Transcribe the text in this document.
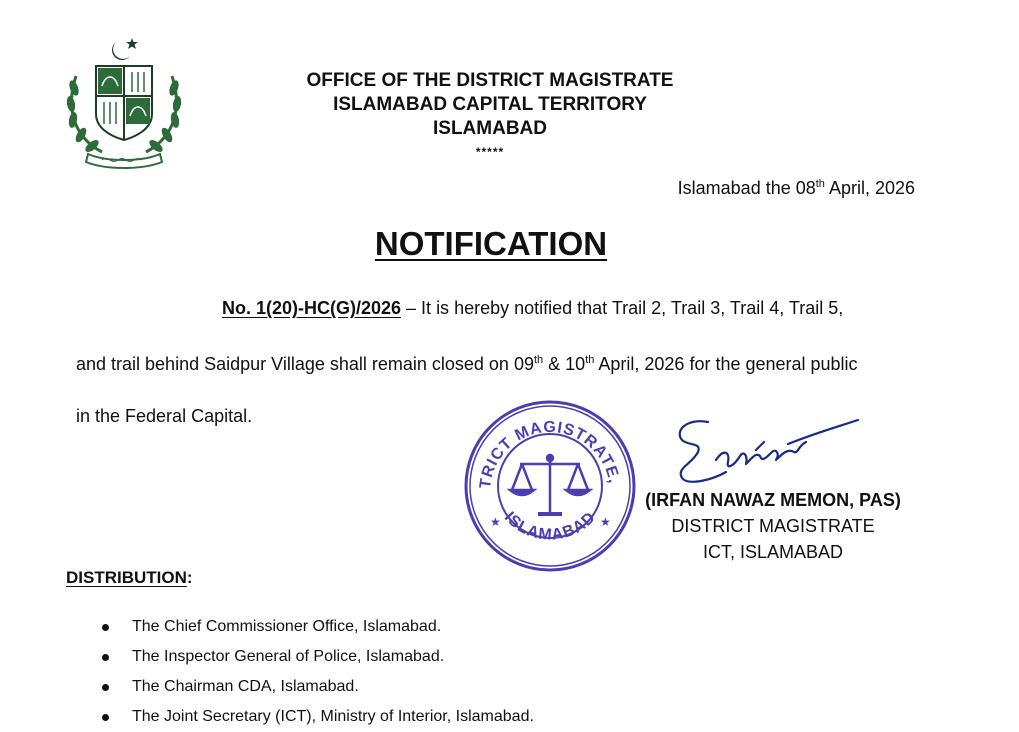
OFFICE OF THE DISTRICT MAGISTRATE
ISLAMABAD CAPITAL TERRITORY
ISLAMABAD
*****
Islamabad the 08th April, 2026
NOTIFICATION
No. 1(20)-HC(G)/2026 – It is hereby notified that Trail 2, Trail 3, Trail 4, Trail 5,
and trail behind Saidpur Village shall remain closed on 09th & 10th April, 2026 for the general public
in the Federal Capital.
TRICT MAGISTRATE,
ISLAMABAD
★	★
(IRFAN NAWAZ MEMON, PAS)
DISTRICT MAGISTRATE
ICT, ISLAMABAD
DISTRIBUTION:
The Chief Commissioner Office, Islamabad.
The Inspector General of Police, Islamabad.
The Chairman CDA, Islamabad.
The Joint Secretary (ICT), Ministry of Interior, Islamabad.
